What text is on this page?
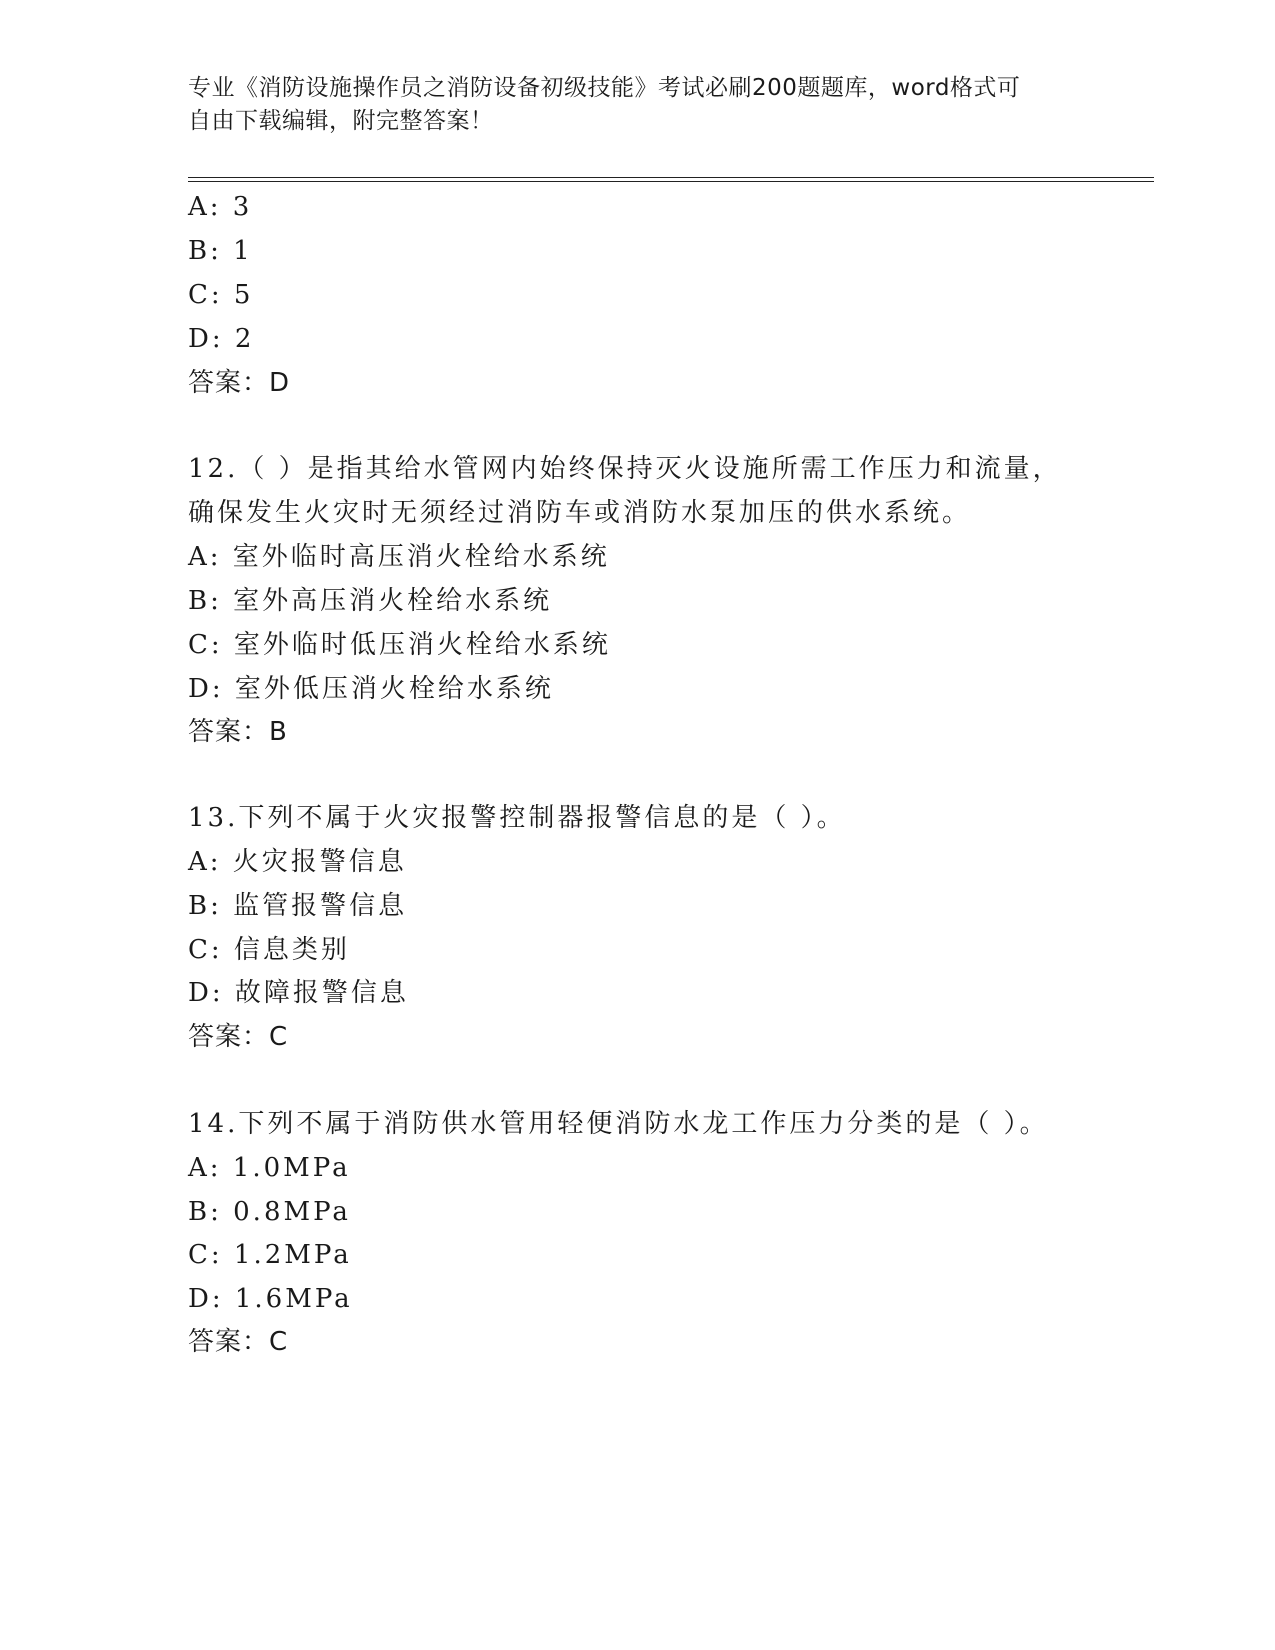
专业《消防设施操作员之消防设备初级技能》考试必刷200题题库，word格式可
自由下载编辑，附完整答案！
A: 3
B: 1
C: 5
D: 2
答案：D
12.（ ）是指其给水管网内始终保持灭火设施所需工作压力和流量，
确保发生火灾时无须经过消防车或消防水泵加压的供水系统。
A: 室外临时高压消火栓给水系统
B: 室外高压消火栓给水系统
C: 室外临时低压消火栓给水系统
D: 室外低压消火栓给水系统
答案：B
13.下列不属于火灾报警控制器报警信息的是（ ）。
A: 火灾报警信息
B: 监管报警信息
C: 信息类别
D: 故障报警信息
答案：C
14.下列不属于消防供水管用轻便消防水龙工作压力分类的是（ ）。
A: 1.0MPa
B: 0.8MPa
C: 1.2MPa
D: 1.6MPa
答案：C
